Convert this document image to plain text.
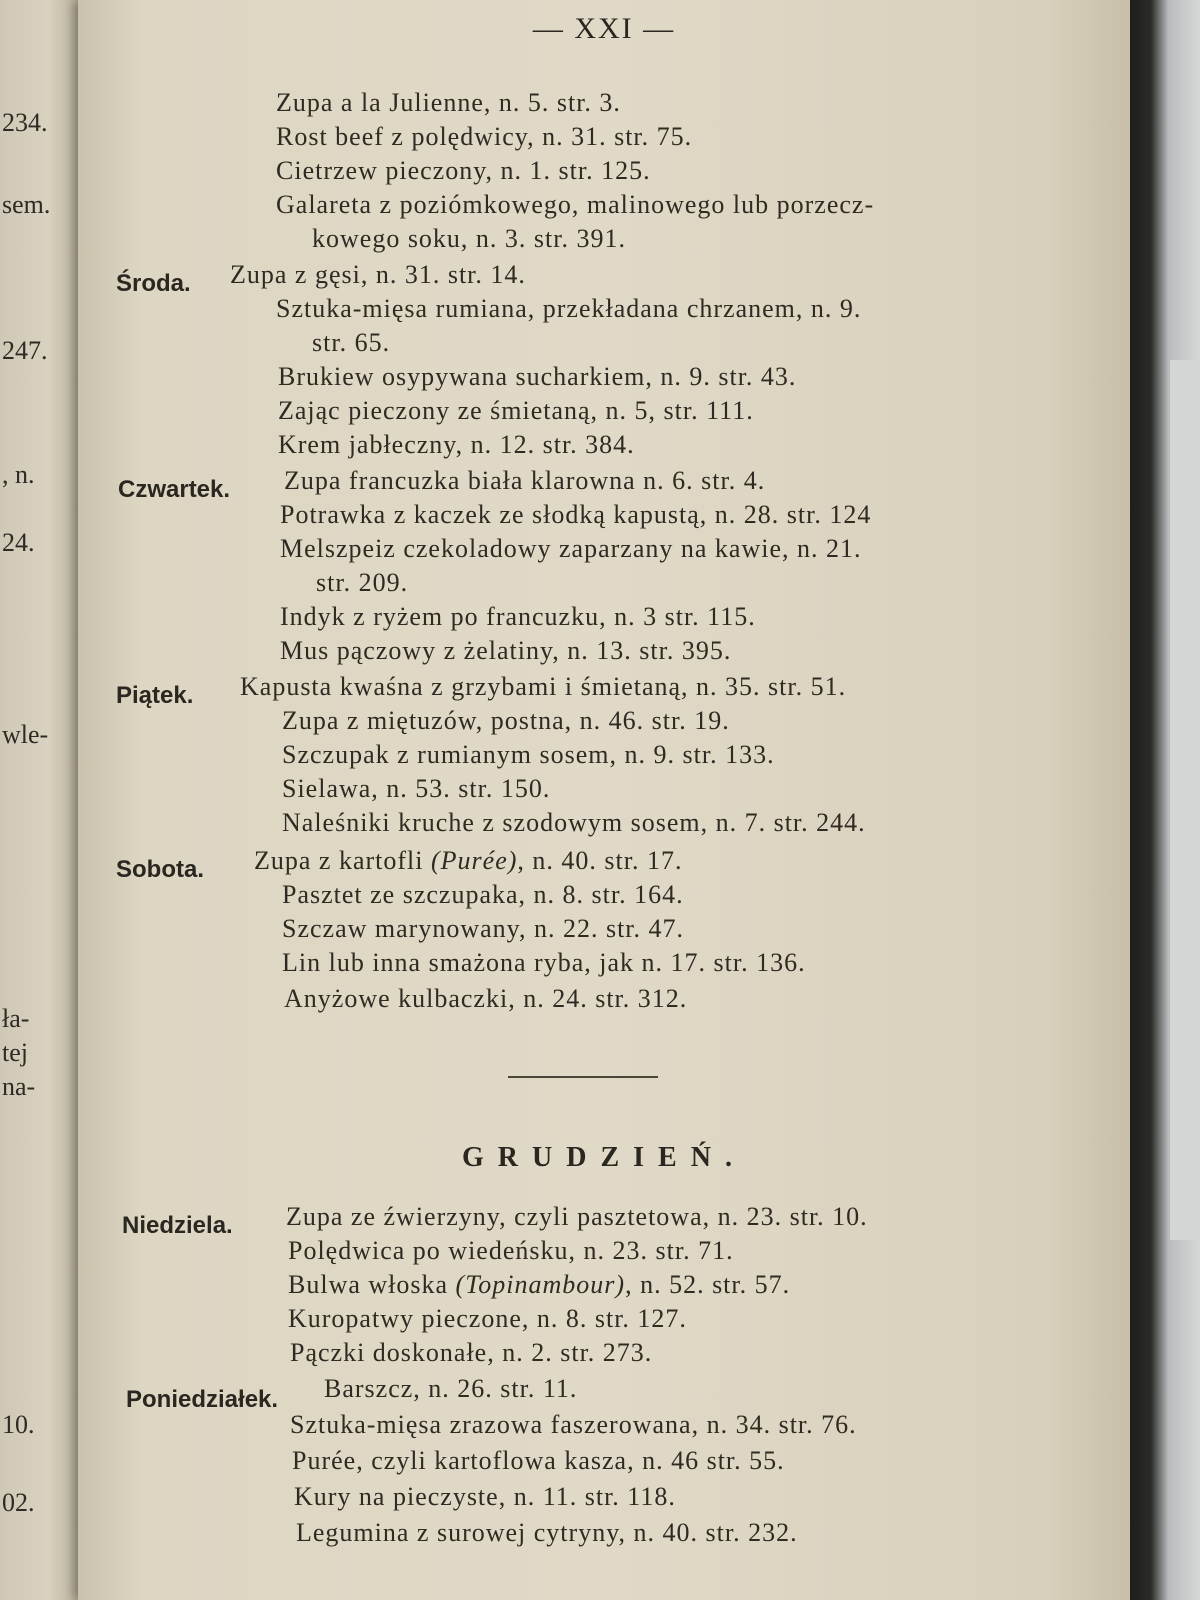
234.
sem.
247.
, n.
24.
wle-
ła-
tej
na-
10.
02.
— XXI —
Zupa a la Julienne, n. 5. str. 3.
Rost beef z polędwicy, n. 31. str. 75.
Cietrzew pieczony, n. 1. str. 125.
Galareta z poziómkowego, malinowego lub porzecz-
kowego soku, n. 3. str. 391.
Środa. Zupa z gęsi, n. 31. str. 14.
Sztuka-mięsa rumiana, przekładana chrzanem, n. 9.
str. 65.
Brukiew osypywana sucharkiem, n. 9. str. 43.
Zając pieczony ze śmietaną, n. 5, str. 111.
Krem jabłeczny, n. 12. str. 384.
Czwartek. Zupa francuzka biała klarowna n. 6. str. 4.
Potrawka z kaczek ze słodką kapustą, n. 28. str. 124
Melszpeiz czekoladowy zaparzany na kawie, n. 21.
str. 209.
Indyk z ryżem po francuzku, n. 3 str. 115.
Mus pączowy z żelatiny, n. 13. str. 395.
Piątek. Kapusta kwaśna z grzybami i śmietaną, n. 35. str. 51.
Zupa z miętuzów, postna, n. 46. str. 19.
Szczupak z rumianym sosem, n. 9. str. 133.
Sielawa, n. 53. str. 150.
Naleśniki kruche z szodowym sosem, n. 7. str. 244.
Sobota. Zupa z kartofli (Purée), n. 40. str. 17.
Pasztet ze szczupaka, n. 8. str. 164.
Szczaw marynowany, n. 22. str. 47.
Lin lub inna smażona ryba, jak n. 17. str. 136.
Anyżowe kulbaczki, n. 24. str. 312.
GRUDZIEŃ.
Niedziela. Zupa ze źwierzyny, czyli pasztetowa, n. 23. str. 10.
Polędwica po wiedeńsku, n. 23. str. 71.
Bulwa włoska (Topinambour), n. 52. str. 57.
Kuropatwy pieczone, n. 8. str. 127.
Pączki doskonałe, n. 2. str. 273.
Poniedziałek. Barszcz, n. 26. str. 11.
Sztuka-mięsa zrazowa faszerowana, n. 34. str. 76.
Purée, czyli kartoflowa kasza, n. 46 str. 55.
Kury na pieczyste, n. 11. str. 118.
Legumina z surowej cytryny, n. 40. str. 232.
